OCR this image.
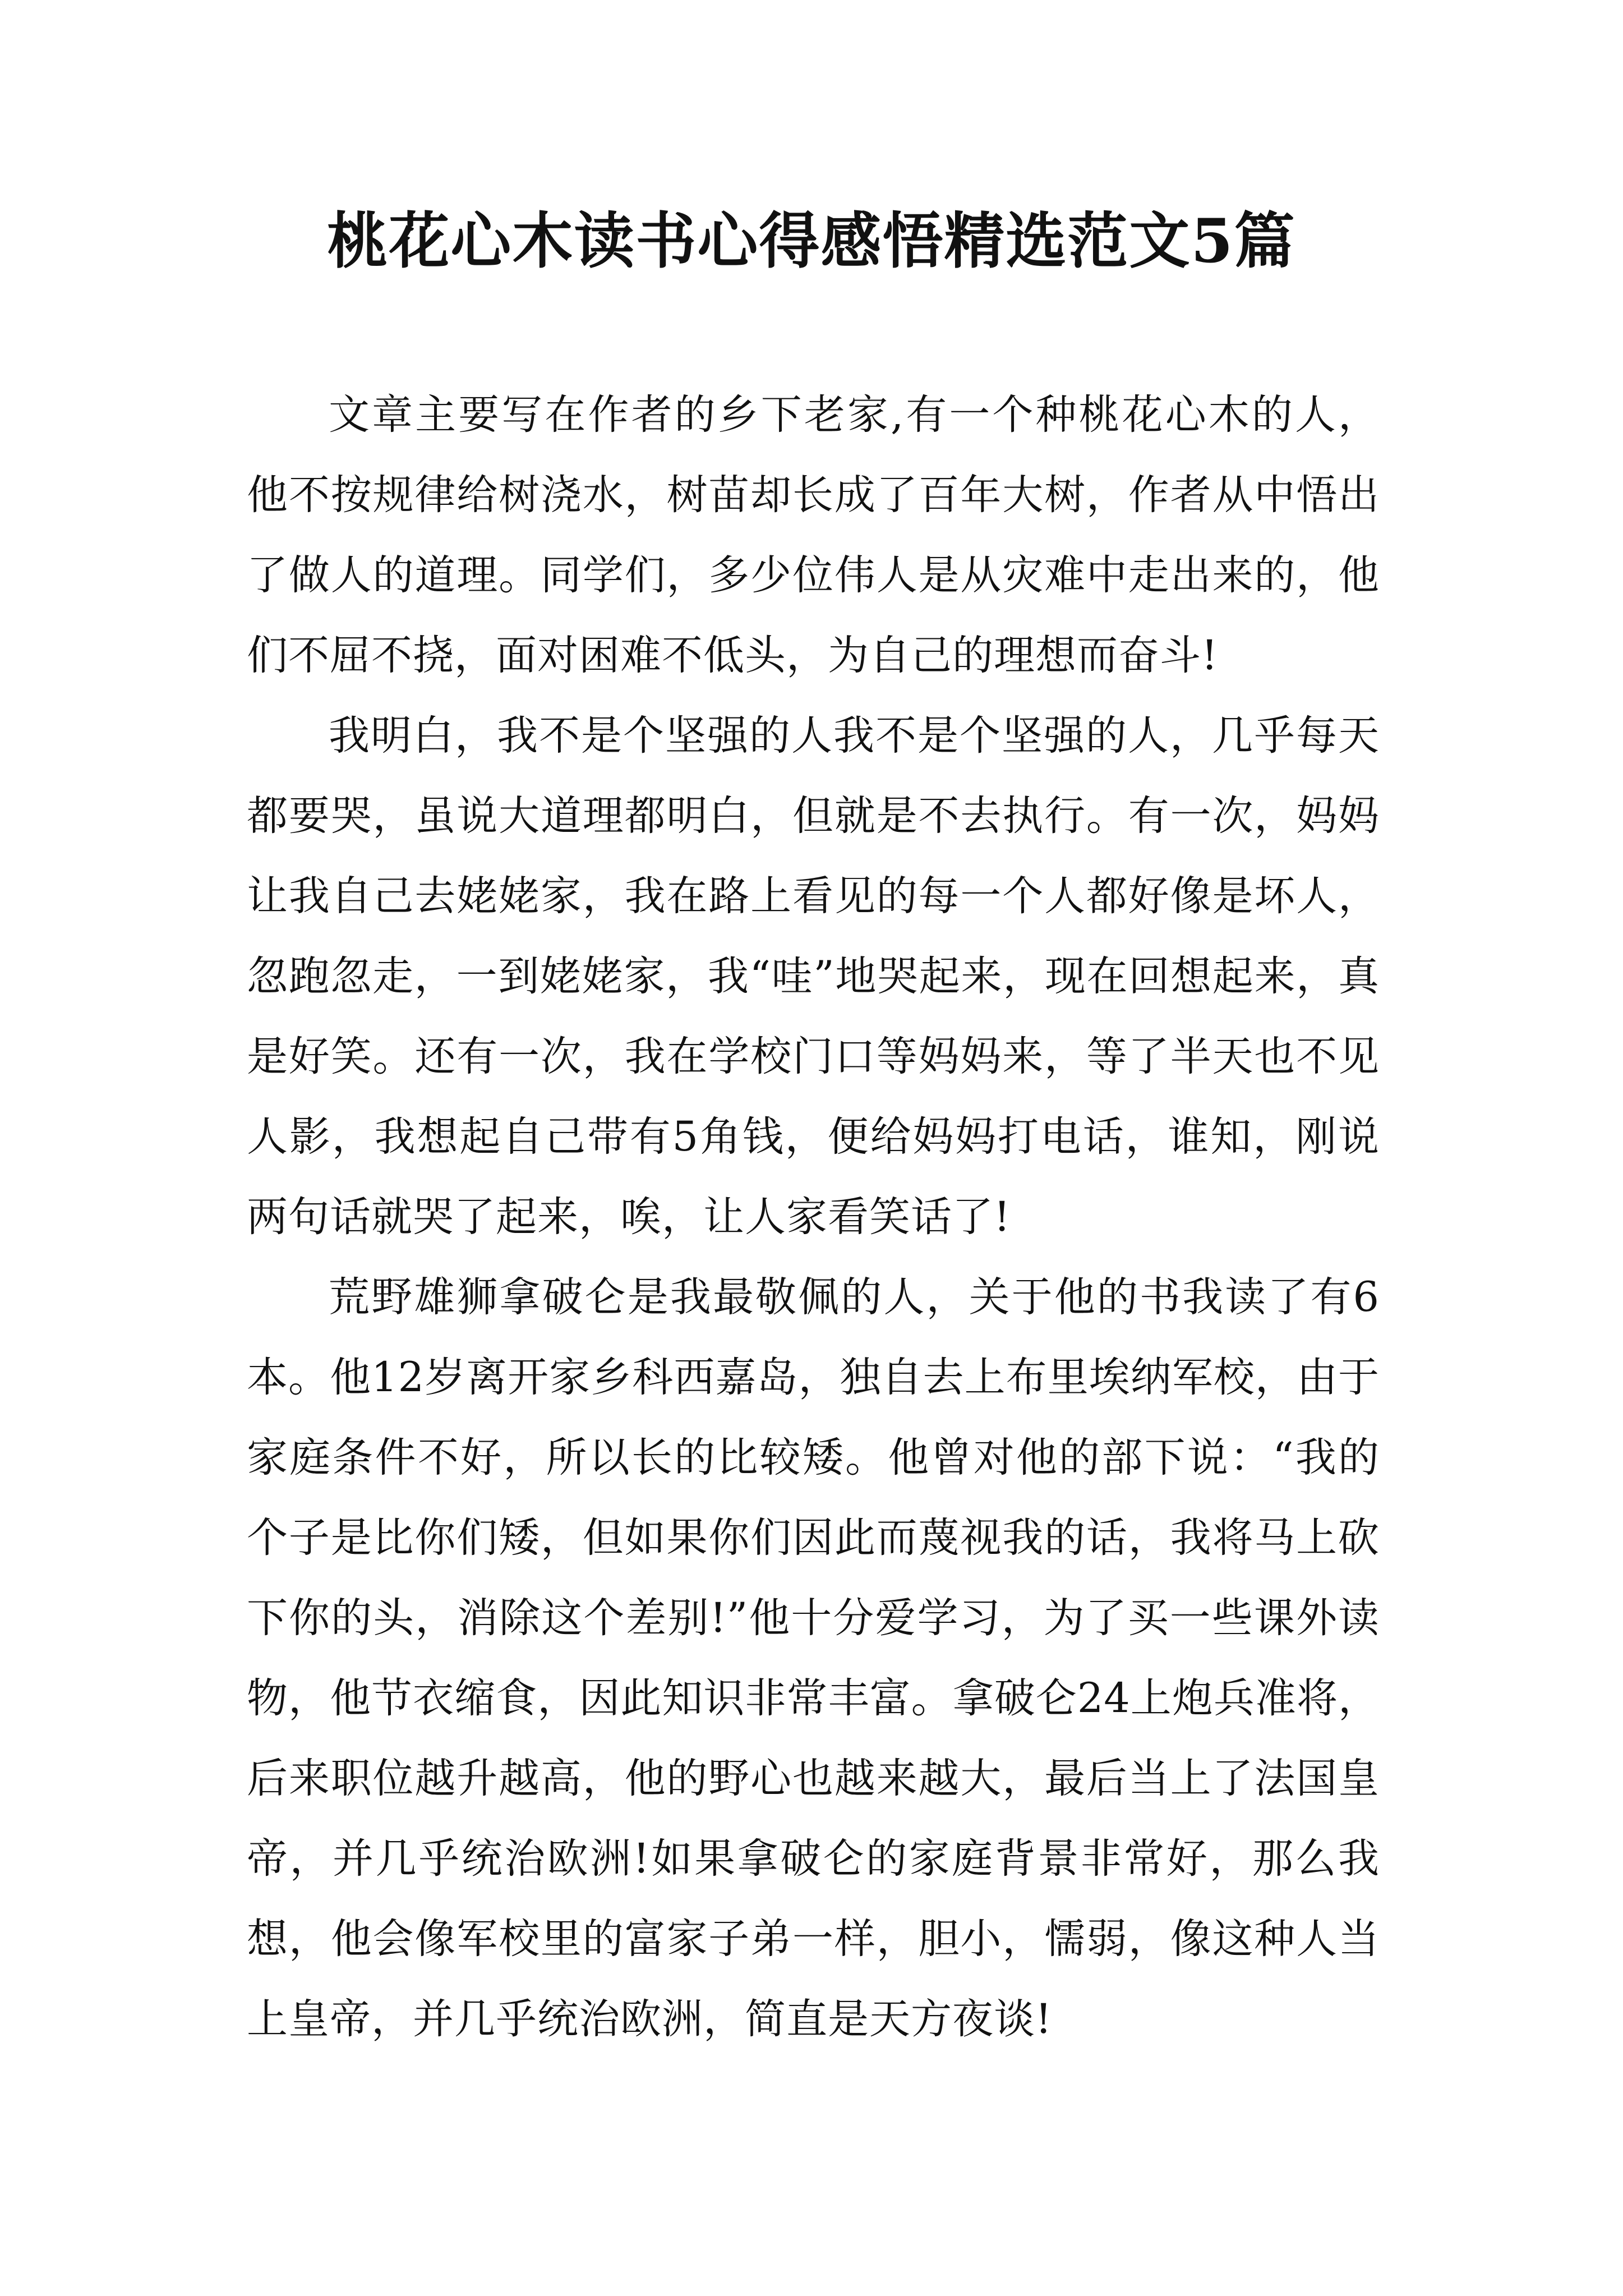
桃花心木读书心得感悟精选范文5篇

文章主要写在作者的乡下老家,有一个种桃花心木的人，他不按规律给树浇水，树苗却长成了百年大树，作者从中悟出了做人的道理。同学们，多少位伟人是从灾难中走出来的，他们不屈不挠，面对困难不低头，为自己的理想而奋斗!

我明白，我不是个坚强的人我不是个坚强的人，几乎每天都要哭，虽说大道理都明白，但就是不去执行。有一次，妈妈让我自己去姥姥家，我在路上看见的每一个人都好像是坏人，忽跑忽走，一到姥姥家，我“哇”地哭起来，现在回想起来，真是好笑。还有一次，我在学校门口等妈妈来，等了半天也不见人影，我想起自己带有5角钱，便给妈妈打电话，谁知，刚说两句话就哭了起来，唉，让人家看笑话了!

荒野雄狮拿破仑是我最敬佩的人，关于他的书我读了有6本。他12岁离开家乡科西嘉岛，独自去上布里埃纳军校，由于家庭条件不好，所以长的比较矮。他曾对他的部下说：“我的个子是比你们矮，但如果你们因此而蔑视我的话，我将马上砍下你的头，消除这个差别!”他十分爱学习，为了买一些课外读物，他节衣缩食，因此知识非常丰富。拿破仑24上炮兵准将，后来职位越升越高，他的野心也越来越大，最后当上了法国皇帝，并几乎统治欧洲!如果拿破仑的家庭背景非常好，那么我想，他会像军校里的富家子弟一样，胆小，懦弱，像这种人当上皇帝，并几乎统治欧洲，简直是天方夜谈!
